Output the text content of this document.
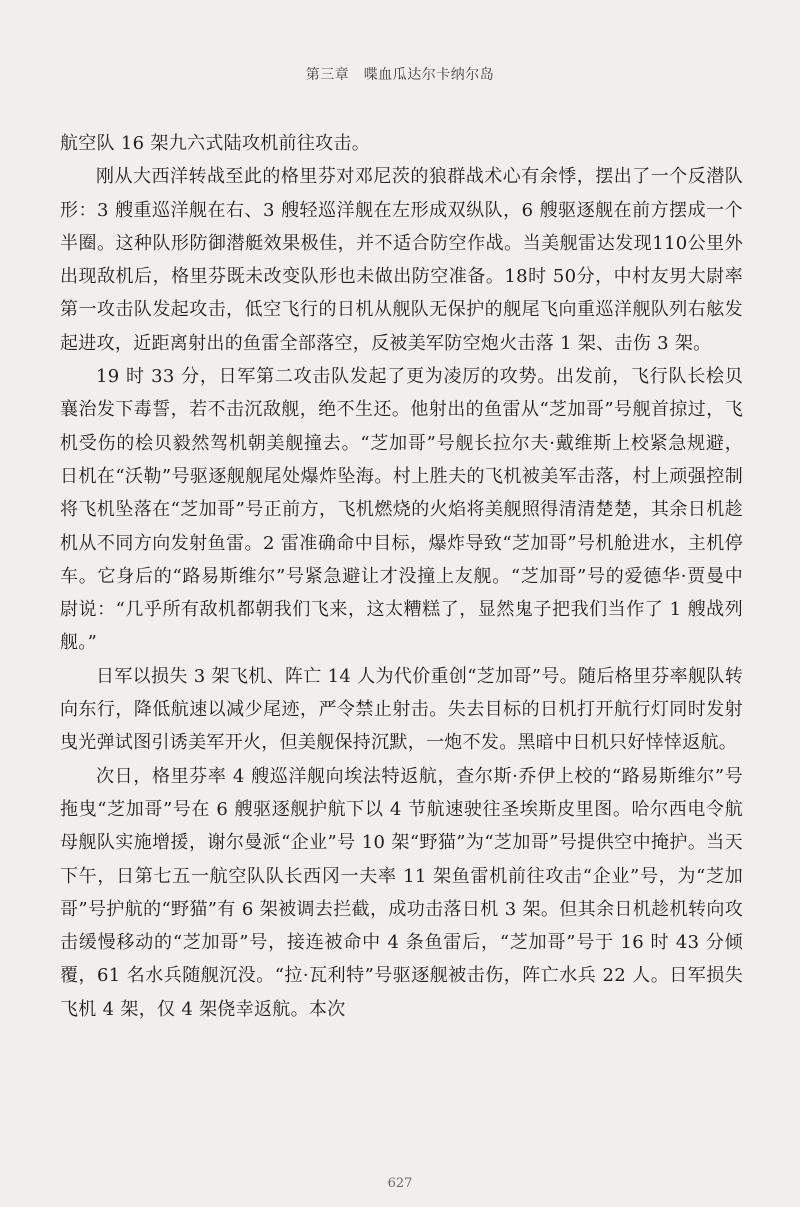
第三章　喋血瓜达尔卡纳尔岛

航空队 16 架九六式陆攻机前往攻击。

刚从大西洋转战至此的格里芬对邓尼茨的狼群战术心有余悸，摆出了一个反潜队形：3 艘重巡洋舰在右、3 艘轻巡洋舰在左形成双纵队，6 艘驱逐舰在前方摆成一个半圈。这种队形防御潜艇效果极佳，并不适合防空作战。当美舰雷达发现110公里外出现敌机后，格里芬既未改变队形也未做出防空准备。18时 50分，中村友男大尉率第一攻击队发起攻击，低空飞行的日机从舰队无保护的舰尾飞向重巡洋舰队列右舷发起进攻，近距离射出的鱼雷全部落空，反被美军防空炮火击落 1 架、击伤 3 架。

19 时 33 分，日军第二攻击队发起了更为凌厉的攻势。出发前，飞行队长桧贝襄治发下毒誓，若不击沉敌舰，绝不生还。他射出的鱼雷从“芝加哥”号舰首掠过，飞机受伤的桧贝毅然驾机朝美舰撞去。“芝加哥”号舰长拉尔夫·戴维斯上校紧急规避，日机在“沃勒”号驱逐舰舰尾处爆炸坠海。村上胜夫的飞机被美军击落，村上顽强控制将飞机坠落在“芝加哥”号正前方，飞机燃烧的火焰将美舰照得清清楚楚，其余日机趁机从不同方向发射鱼雷。2 雷准确命中目标，爆炸导致“芝加哥”号机舱进水，主机停车。它身后的“路易斯维尔”号紧急避让才没撞上友舰。“芝加哥”号的爱德华·贾曼中尉说：“几乎所有敌机都朝我们飞来，这太糟糕了，显然鬼子把我们当作了 1 艘战列舰。”

日军以损失 3 架飞机、阵亡 14 人为代价重创“芝加哥”号。随后格里芬率舰队转向东行，降低航速以减少尾迹，严令禁止射击。失去目标的日机打开航行灯同时发射曳光弹试图引诱美军开火，但美舰保持沉默，一炮不发。黑暗中日机只好悻悻返航。

次日，格里芬率 4 艘巡洋舰向埃法特返航，查尔斯·乔伊上校的“路易斯维尔”号拖曳“芝加哥”号在 6 艘驱逐舰护航下以 4 节航速驶往圣埃斯皮里图。哈尔西电令航母舰队实施增援，谢尔曼派“企业”号 10 架“野猫”为“芝加哥”号提供空中掩护。当天下午，日第七五一航空队队长西冈一夫率 11 架鱼雷机前往攻击“企业”号，为“芝加哥”号护航的“野猫”有 6 架被调去拦截，成功击落日机 3 架。但其余日机趁机转向攻击缓慢移动的“芝加哥”号，接连被命中 4 条鱼雷后，“芝加哥”号于 16 时 43 分倾覆，61 名水兵随舰沉没。“拉·瓦利特”号驱逐舰被击伤，阵亡水兵 22 人。日军损失飞机 4 架，仅 4 架侥幸返航。本次

627
